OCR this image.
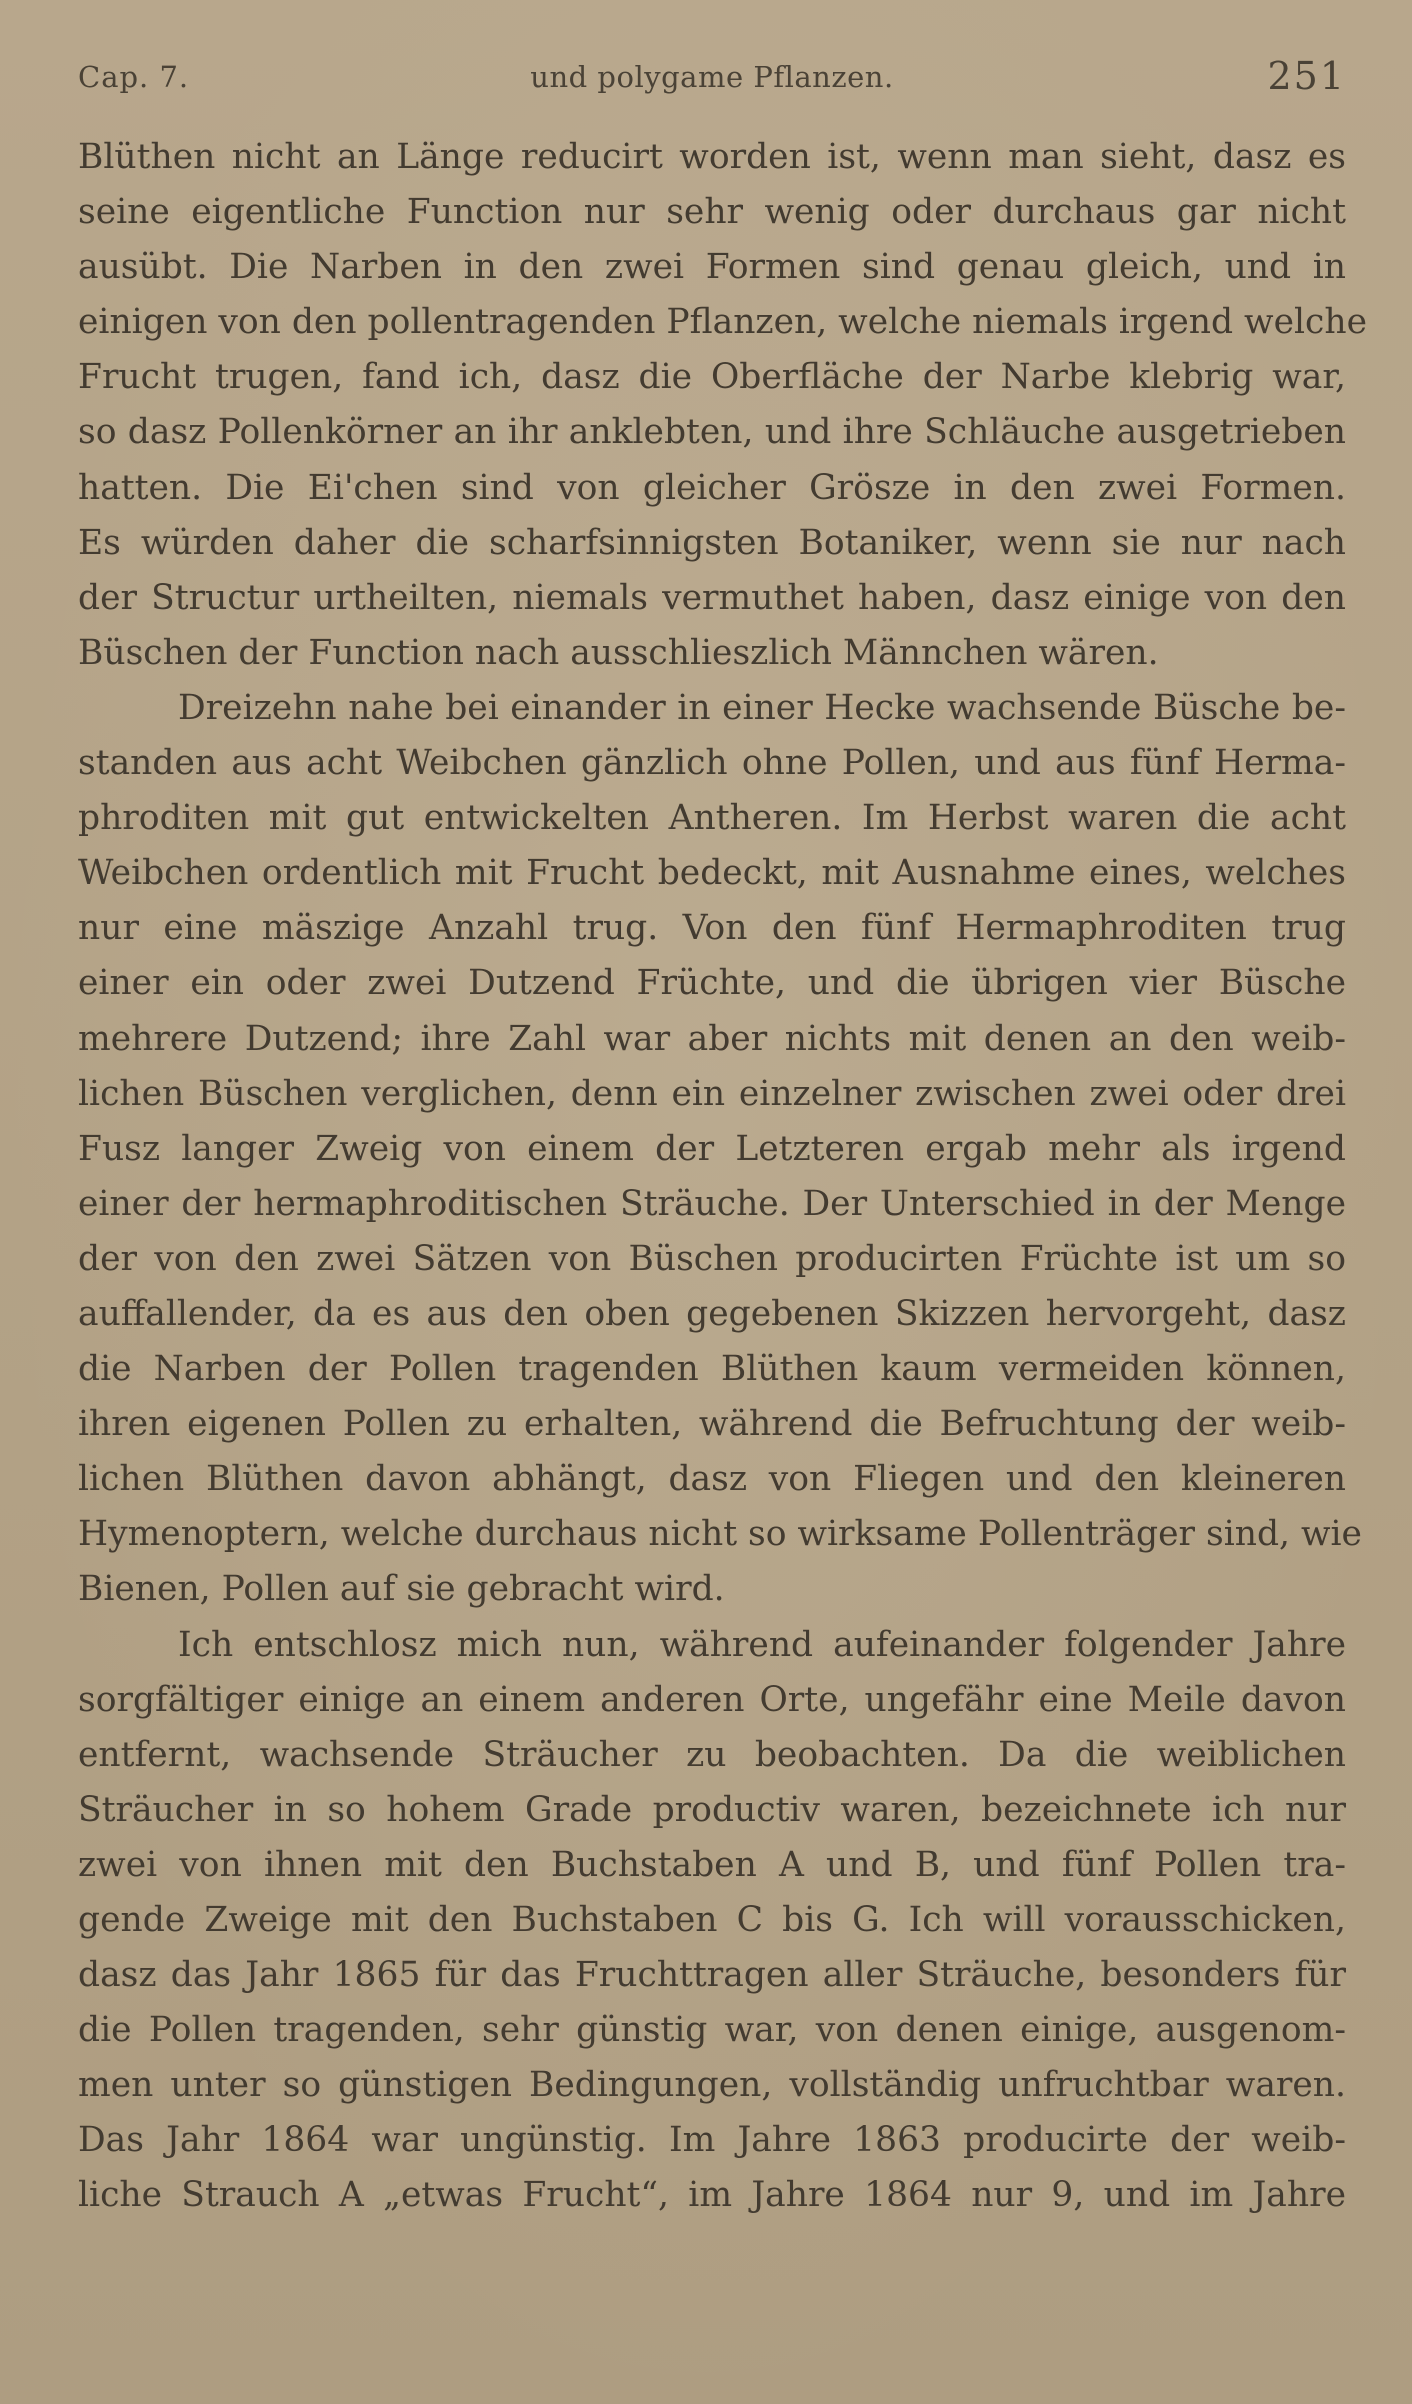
Cap. 7.	und polygame Pflanzen.	251
Blüthen nicht an Länge reducirt worden ist, wenn man sieht, dasz es
seine eigentliche Function nur sehr wenig oder durchaus gar nicht
ausübt. Die Narben in den zwei Formen sind genau gleich, und in
einigen von den pollentragenden Pflanzen, welche niemals irgend welche
Frucht trugen, fand ich, dasz die Oberfläche der Narbe klebrig war,
so dasz Pollenkörner an ihr anklebten, und ihre Schläuche ausgetrieben
hatten. Die Ei'chen sind von gleicher Grösze in den zwei Formen.
Es würden daher die scharfsinnigsten Botaniker, wenn sie nur nach
der Structur urtheilten, niemals vermuthet haben, dasz einige von den
Büschen der Function nach ausschlieszlich Männchen wären.
Dreizehn nahe bei einander in einer Hecke wachsende Büsche be-
standen aus acht Weibchen gänzlich ohne Pollen, und aus fünf Herma-
phroditen mit gut entwickelten Antheren. Im Herbst waren die acht
Weibchen ordentlich mit Frucht bedeckt, mit Ausnahme eines, welches
nur eine mäszige Anzahl trug. Von den fünf Hermaphroditen trug
einer ein oder zwei Dutzend Früchte, und die übrigen vier Büsche
mehrere Dutzend; ihre Zahl war aber nichts mit denen an den weib-
lichen Büschen verglichen, denn ein einzelner zwischen zwei oder drei
Fusz langer Zweig von einem der Letzteren ergab mehr als irgend
einer der hermaphroditischen Sträuche. Der Unterschied in der Menge
der von den zwei Sätzen von Büschen producirten Früchte ist um so
auffallender, da es aus den oben gegebenen Skizzen hervorgeht, dasz
die Narben der Pollen tragenden Blüthen kaum vermeiden können,
ihren eigenen Pollen zu erhalten, während die Befruchtung der weib-
lichen Blüthen davon abhängt, dasz von Fliegen und den kleineren
Hymenoptern, welche durchaus nicht so wirksame Pollenträger sind, wie
Bienen, Pollen auf sie gebracht wird.
Ich entschlosz mich nun, während aufeinander folgender Jahre
sorgfältiger einige an einem anderen Orte, ungefähr eine Meile davon
entfernt, wachsende Sträucher zu beobachten. Da die weiblichen
Sträucher in so hohem Grade productiv waren, bezeichnete ich nur
zwei von ihnen mit den Buchstaben A und B, und fünf Pollen tra-
gende Zweige mit den Buchstaben C bis G. Ich will vorausschicken,
dasz das Jahr 1865 für das Fruchttragen aller Sträuche, besonders für
die Pollen tragenden, sehr günstig war, von denen einige, ausgenom-
men unter so günstigen Bedingungen, vollständig unfruchtbar waren.
Das Jahr 1864 war ungünstig. Im Jahre 1863 producirte der weib-
liche Strauch A „etwas Frucht“, im Jahre 1864 nur 9, und im Jahre
